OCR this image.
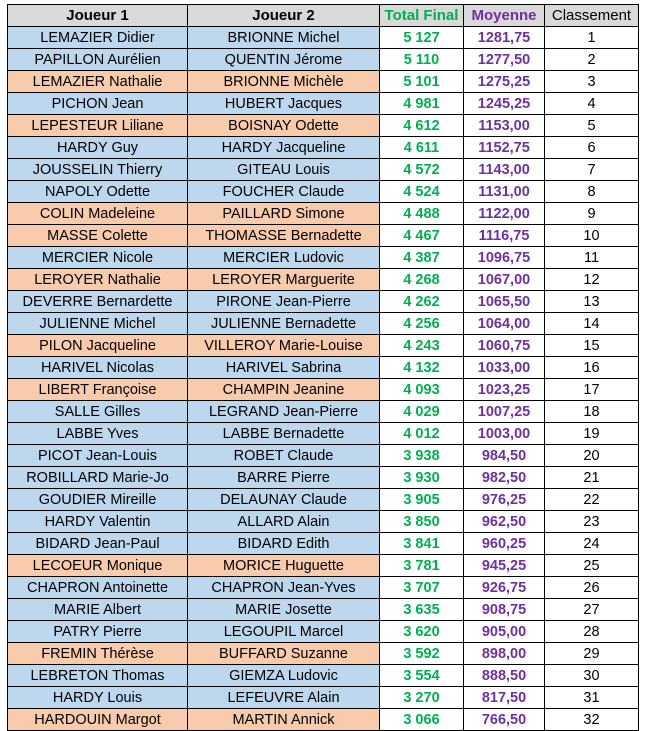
Joueur 1	Joueur 2	Total Final	Moyenne	Classement
LEMAZIER Didier	BRIONNE Michel	5 127	1281,75	1
PAPILLON Aurélien	QUENTIN Jérome	5 110	1277,50	2
LEMAZIER Nathalie	BRIONNE Michèle	5 101	1275,25	3
PICHON Jean	HUBERT Jacques	4 981	1245,25	4
LEPESTEUR Liliane	BOISNAY Odette	4 612	1153,00	5
HARDY Guy	HARDY Jacqueline	4 611	1152,75	6
JOUSSELIN Thierry	GITEAU Louis	4 572	1143,00	7
NAPOLY Odette	FOUCHER Claude	4 524	1131,00	8
COLIN Madeleine	PAILLARD Simone	4 488	1122,00	9
MASSE Colette	THOMASSE Bernadette	4 467	1116,75	10
MERCIER Nicole	MERCIER Ludovic	4 387	1096,75	11
LEROYER Nathalie	LEROYER Marguerite	4 268	1067,00	12
DEVERRE Bernardette	PIRONE Jean-Pierre	4 262	1065,50	13
JULIENNE Michel	JULIENNE Bernadette	4 256	1064,00	14
PILON Jacqueline	VILLEROY Marie-Louise	4 243	1060,75	15
HARIVEL Nicolas	HARIVEL Sabrina	4 132	1033,00	16
LIBERT Françoise	CHAMPIN Jeanine	4 093	1023,25	17
SALLE Gilles	LEGRAND Jean-Pierre	4 029	1007,25	18
LABBE Yves	LABBE Bernadette	4 012	1003,00	19
PICOT Jean-Louis	ROBET Claude	3 938	984,50	20
ROBILLARD Marie-Jo	BARRE Pierre	3 930	982,50	21
GOUDIER Mireille	DELAUNAY Claude	3 905	976,25	22
HARDY Valentin	ALLARD Alain	3 850	962,50	23
BIDARD Jean-Paul	BIDARD Edith	3 841	960,25	24
LECOEUR Monique	MORICE Huguette	3 781	945,25	25
CHAPRON Antoinette	CHAPRON Jean-Yves	3 707	926,75	26
MARIE Albert	MARIE Josette	3 635	908,75	27
PATRY Pierre	LEGOUPIL Marcel	3 620	905,00	28
FREMIN Thérèse	BUFFARD Suzanne	3 592	898,00	29
LEBRETON Thomas	GIEMZA Ludovic	3 554	888,50	30
HARDY Louis	LEFEUVRE Alain	3 270	817,50	31
HARDOUIN Margot	MARTIN Annick	3 066	766,50	32
